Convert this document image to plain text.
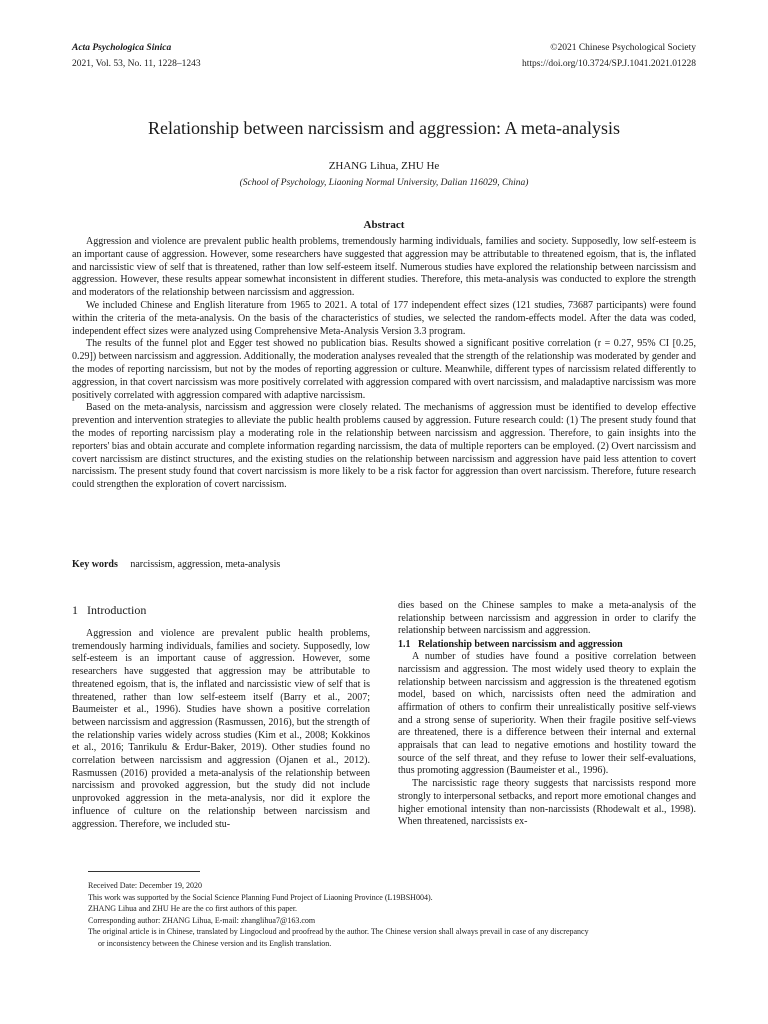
Acta Psychologica Sinica
2021, Vol. 53, No. 11, 1228–1243
©2021 Chinese Psychological Society
https://doi.org/10.3724/SP.J.1041.2021.01228
Relationship between narcissism and aggression: A meta-analysis
ZHANG Lihua, ZHU He
(School of Psychology, Liaoning Normal University, Dalian 116029, China)
Abstract

Aggression and violence are prevalent public health problems, tremendously harming individuals, families and society. Supposedly, low self-esteem is an important cause of aggression. However, some researchers have suggested that aggression may be attributable to threatened egoism, that is, the inflated and narcissistic view of self that is threatened, rather than low self-esteem itself. Numerous studies have explored the relationship between narcissism and aggression. However, these results appear somewhat inconsistent in different studies. Therefore, this meta-analysis was conducted to explore the strength and moderators of the relationship between narcissism and aggression.

We included Chinese and English literature from 1965 to 2021. A total of 177 independent effect sizes (121 studies, 73687 participants) were found within the criteria of the meta-analysis. On the basis of the characteristics of studies, we selected the random-effects model. After the data was coded, independent effect sizes were analyzed using Comprehensive Meta-Analysis Version 3.3 program.

The results of the funnel plot and Egger test showed no publication bias. Results showed a significant positive correlation (r = 0.27, 95% CI [0.25, 0.29]) between narcissism and aggression. Additionally, the moderation analyses revealed that the strength of the relationship was moderated by gender and the modes of reporting narcissism, but not by the modes of reporting aggression or culture. Meanwhile, different types of narcissism related differently to aggression, in that covert narcissism was more positively correlated with aggression compared with overt narcissism, and maladaptive narcissism was more positively correlated with aggression compared with adaptive narcissism.

Based on the meta-analysis, narcissism and aggression were closely related. The mechanisms of aggression must be identified to develop effective prevention and intervention strategies to alleviate the public health problems caused by aggression. Future research could: (1) The present study found that the modes of reporting narcissism play a moderating role in the relationship between narcissism and aggression. Therefore, to gain insights into the reporters' bias and obtain accurate and complete information regarding narcissism, the data of multiple reporters can be employed. (2) Overt narcissism and covert narcissism are distinct structures, and the existing studies on the relationship between narcissism and aggression have paid less attention to covert narcissism. The present study found that covert narcissism is more likely to be a risk factor for aggression than overt narcissism. Therefore, future research could strengthen the exploration of covert narcissism.

Key words narcissism, aggression, meta-analysis
1   Introduction

Aggression and violence are prevalent public health problems, tremendously harming individuals, families and society. Supposedly, low self-esteem is an important cause of aggression. However, some researchers have suggested that aggression may be attributable to threatened egoism, that is, the inflated and narcissistic view of self that is threatened, rather than low self-esteem itself (Barry et al., 2007; Baumeister et al., 1996). Studies have shown a positive correlation between narcissism and aggression (Rasmussen, 2016), but the strength of the relationship varies widely across studies (Kim et al., 2008; Kokkinos et al., 2016; Tanrikulu & Erdur-Baker, 2019). Other studies found no correlation between narcissism and aggression (Ojanen et al., 2012). Rasmussen (2016) provided a meta-analysis of the relationship between narcissism and provoked aggression, but the study did not include unprovoked aggression in the meta-analysis, nor did it explore the influence of culture on the relationship between narcissism and aggression. Therefore, we included stu-

dies based on the Chinese samples to make a meta-analysis of the relationship between narcissism and aggression in order to clarify the relationship between narcissism and aggression.

1.1   Relationship between narcissism and aggression

A number of studies have found a positive correlation between narcissism and aggression. The most widely used theory to explain the relationship between narcissism and aggression is the threatened egotism model, based on which, narcissists often need the admiration and affirmation of others to confirm their unrealistically positive self-views and a strong sense of superiority. When their fragile positive self-views are threatened, there is a difference between their internal and external appraisals that can lead to negative emotions and hostility toward the source of the self threat, and they refuse to lower their self-evaluations, thus promoting aggression (Baumeister et al., 1996).

The narcissistic rage theory suggests that narcissists respond more strongly to interpersonal setbacks, and report more emotional changes and higher emotional intensity than non-narcissists (Rhodewalt et al., 1998). When threatened, narcissists ex-

Received Date: December 19, 2020
This work was supported by the Social Science Planning Fund Project of Liaoning Province (L19BSH004).
ZHANG Lihua and ZHU He are the co first authors of this paper.
Corresponding author: ZHANG Lihua, E-mail: zhanglihua7@163.com
The original article is in Chinese, translated by Lingocloud and proofread by the author. The Chinese version shall always prevail in case of any discrepancy
or inconsistency between the Chinese version and its English translation.
